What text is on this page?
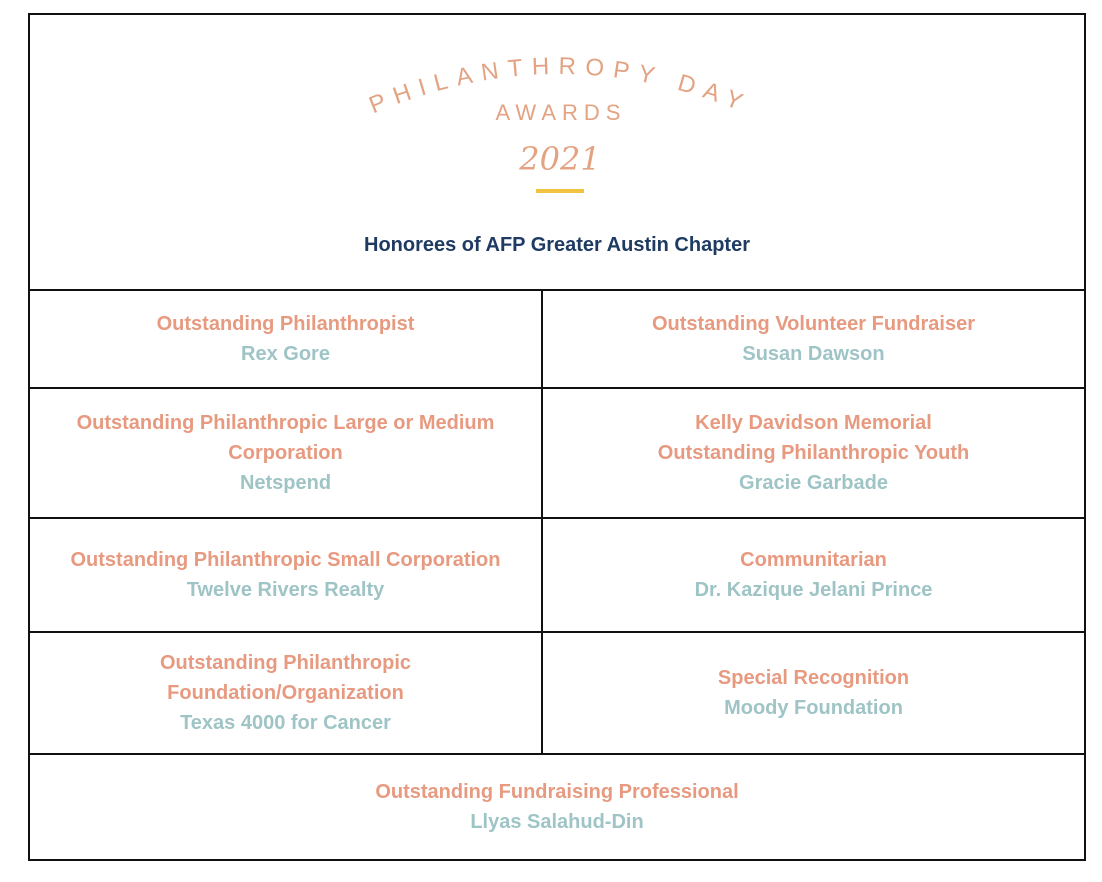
PHILANTHROPY DAY
AWARDS
2021
Honorees of AFP Greater Austin Chapter
Outstanding Philanthropist
Rex Gore
Outstanding Volunteer Fundraiser
Susan Dawson
Outstanding Philanthropic Large or Medium
Corporation
Netspend
Kelly Davidson Memorial
Outstanding Philanthropic Youth
Gracie Garbade
Outstanding Philanthropic Small Corporation
Twelve Rivers Realty
Communitarian
Dr. Kazique Jelani Prince
Outstanding Philanthropic
Foundation/Organization
Texas 4000 for Cancer
Special Recognition
Moody Foundation
Outstanding Fundraising Professional
Llyas Salahud-Din
